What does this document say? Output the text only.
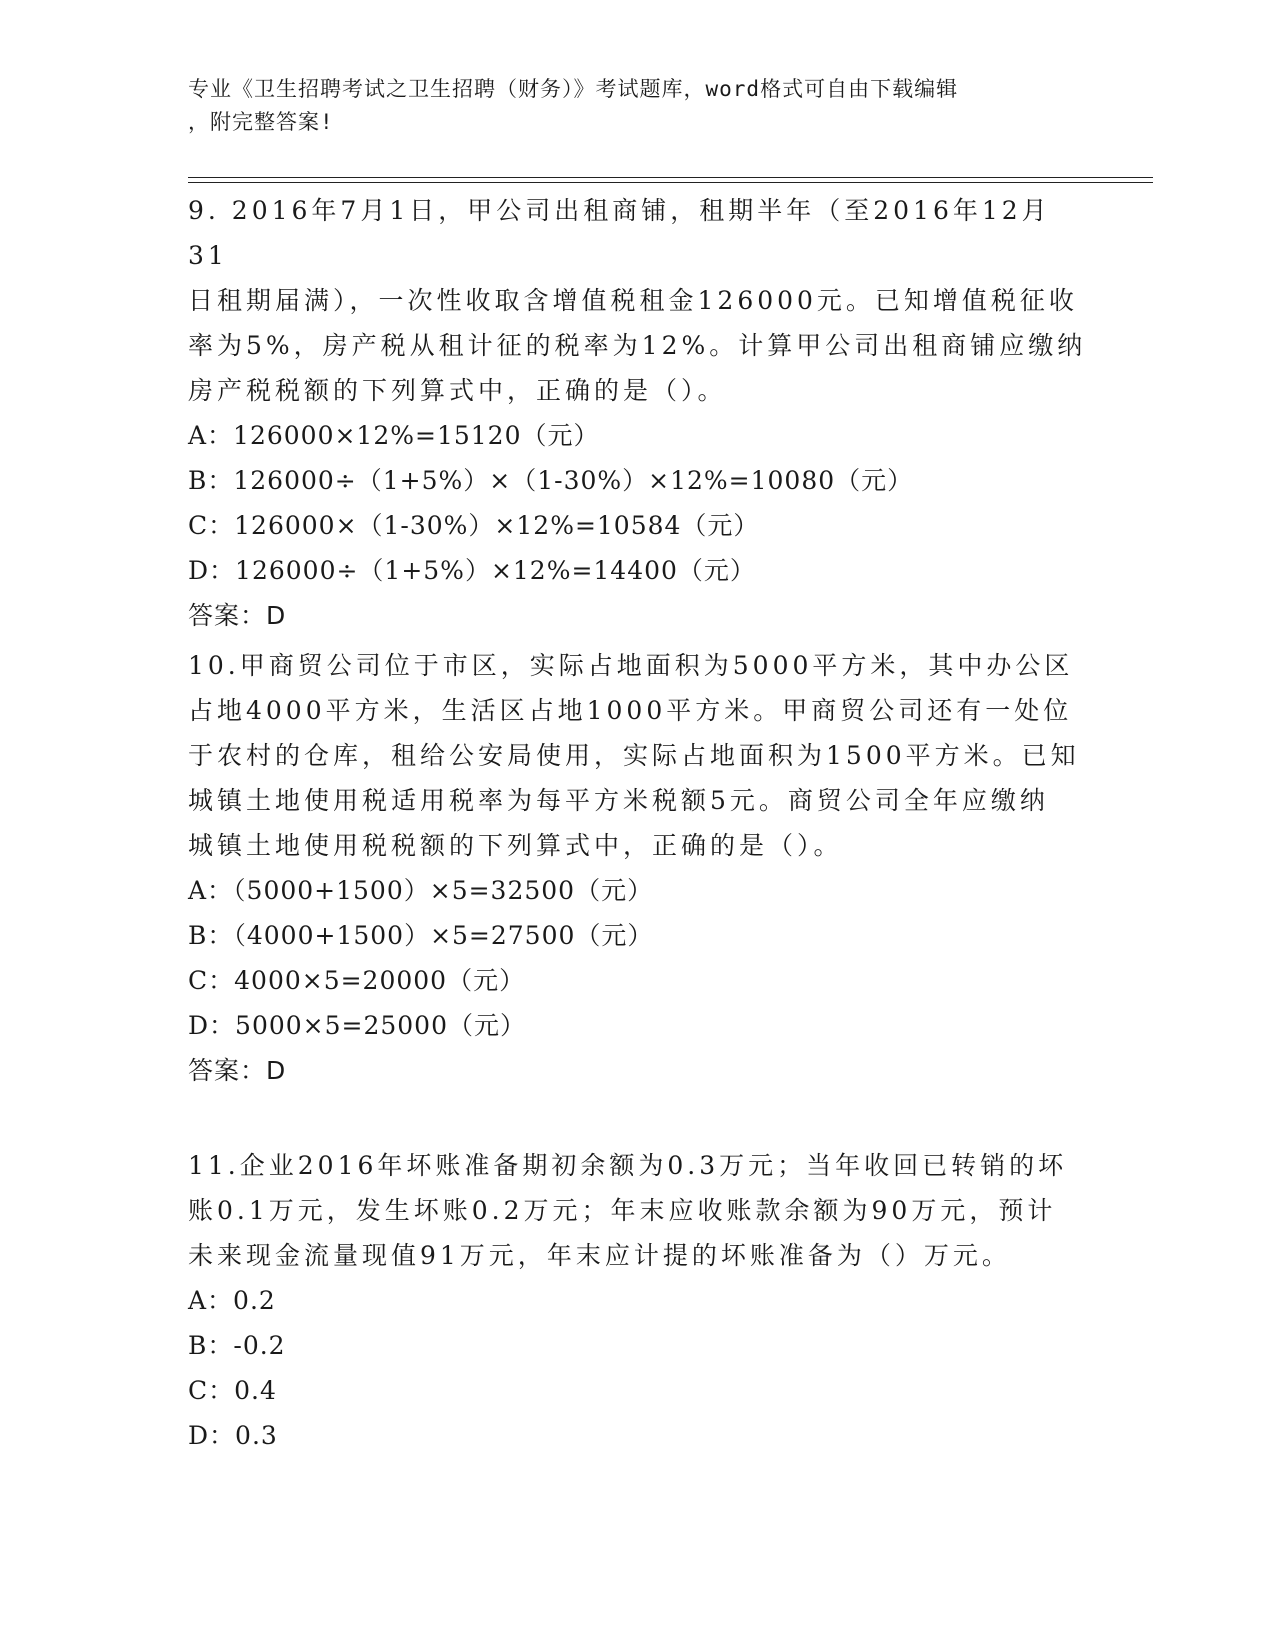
专业《卫生招聘考试之卫生招聘（财务）》考试题库，word格式可自由下载编辑
，附完整答案!
9. 2016年7月1日，甲公司出租商铺，租期半年（至2016年12月31
日租期届满），一次性收取含增值税租金126000元。已知增值税征收
率为5%，房产税从租计征的税率为12%。计算甲公司出租商铺应缴纳
房产税税额的下列算式中，正确的是（）。
A：126000×12%=15120（元）
B：126000÷（1+5%）×（1-30%）×12%=10080（元）
C：126000×（1-30%）×12%=10584（元）
D：126000÷（1+5%）×12%=14400（元）
答案：D
10.甲商贸公司位于市区，实际占地面积为5000平方米，其中办公区
占地4000平方米，生活区占地1000平方米。甲商贸公司还有一处位
于农村的仓库，租给公安局使用，实际占地面积为1500平方米。已知
城镇土地使用税适用税率为每平方米税额5元。商贸公司全年应缴纳
城镇土地使用税税额的下列算式中，正确的是（）。
A：（5000+1500）×5=32500（元）
B：（4000+1500）×5=27500（元）
C：4000×5=20000（元）
D：5000×5=25000（元）
答案：D
11.企业2016年坏账准备期初余额为0.3万元；当年收回已转销的坏
账0.1万元，发生坏账0.2万元；年末应收账款余额为90万元，预计
未来现金流量现值91万元，年末应计提的坏账准备为（）万元。
A：0.2
B：-0.2
C：0.4
D：0.3
